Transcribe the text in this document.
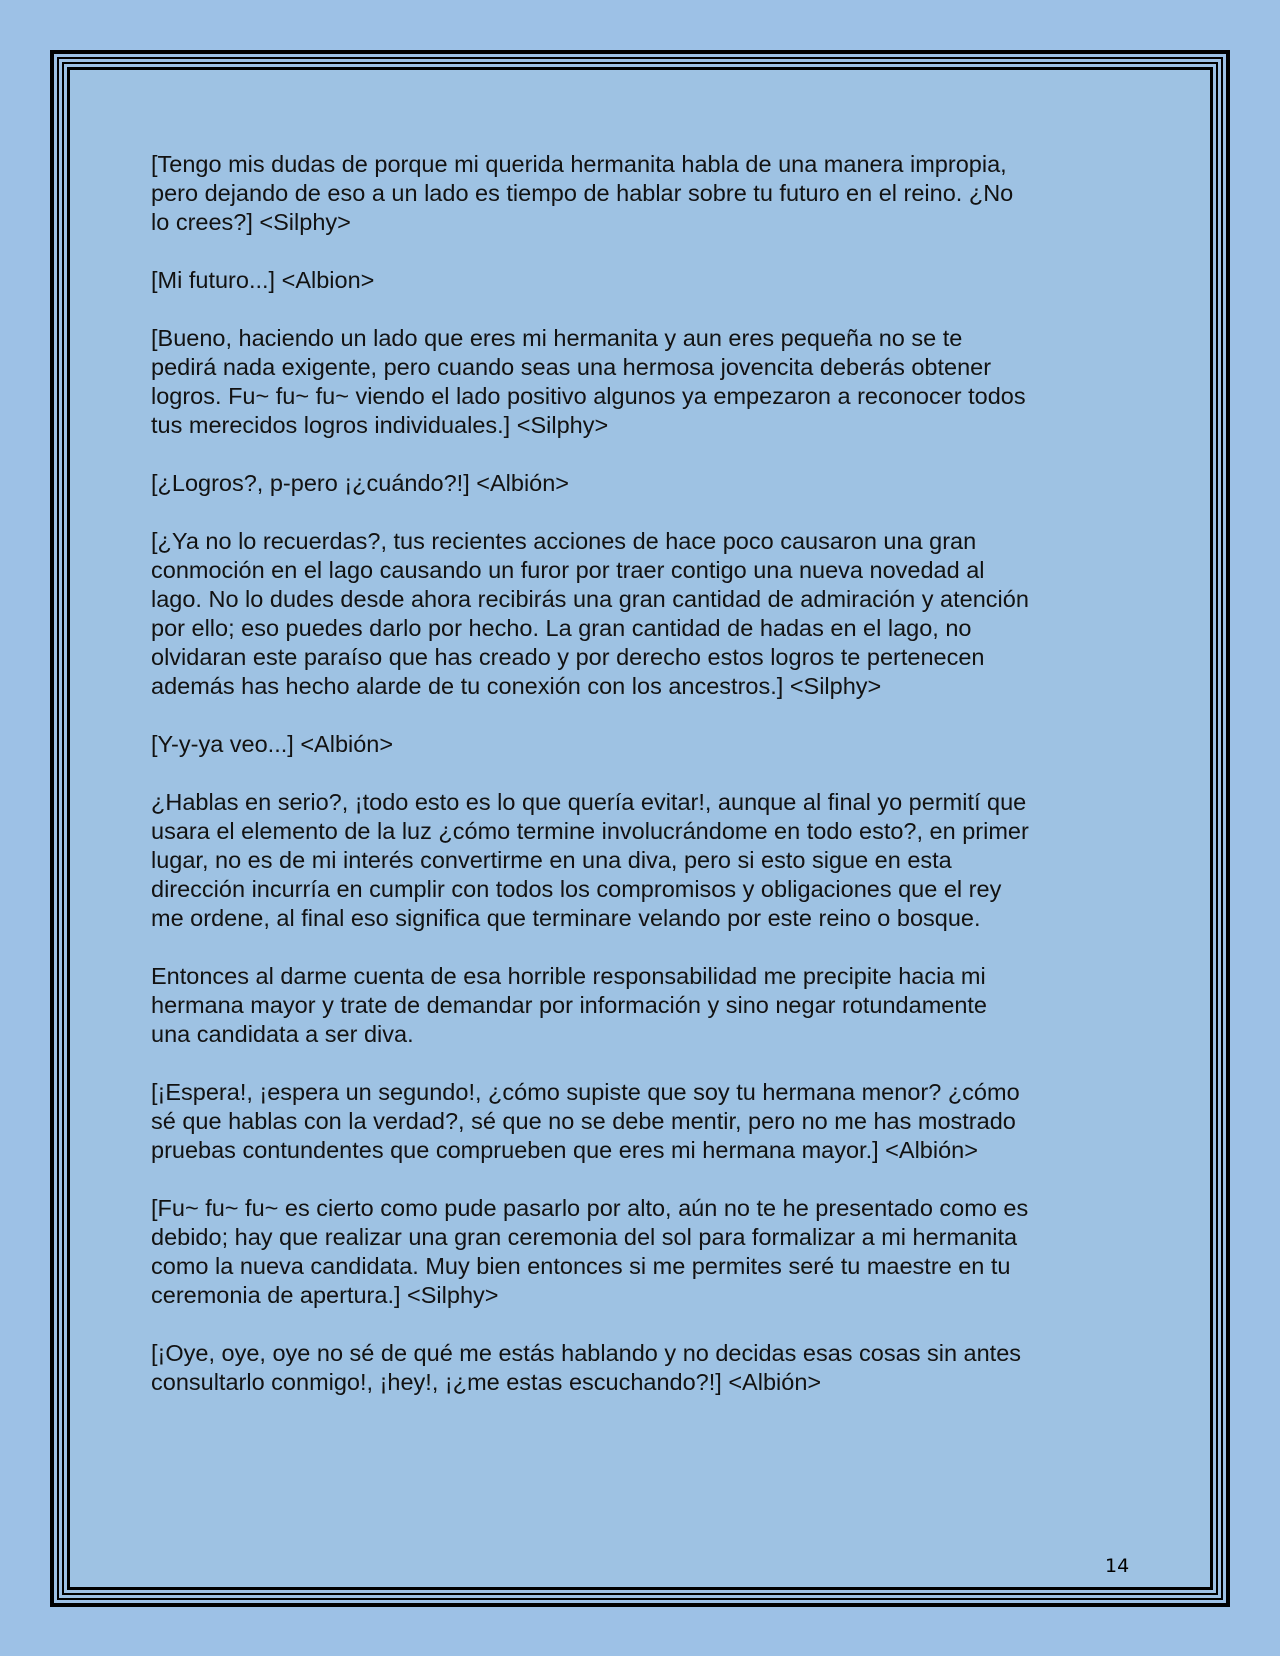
[Tengo mis dudas de porque mi querida hermanita habla de una manera impropia,
pero dejando de eso a un lado es tiempo de hablar sobre tu futuro en el reino. ¿No
lo crees?] <Silphy>

[Mi futuro...] <Albion>

[Bueno, haciendo un lado que eres mi hermanita y aun eres pequeña no se te
pedirá nada exigente, pero cuando seas una hermosa jovencita deberás obtener
logros. Fu~ fu~ fu~ viendo el lado positivo algunos ya empezaron a reconocer todos
tus merecidos logros individuales.] <Silphy>

[¿Logros?, p-pero ¡¿cuándo?!] <Albión>

[¿Ya no lo recuerdas?, tus recientes acciones de hace poco causaron una gran
conmoción en el lago causando un furor por traer contigo una nueva novedad al
lago. No lo dudes desde ahora recibirás una gran cantidad de admiración y atención
por ello; eso puedes darlo por hecho. La gran cantidad de hadas en el lago, no
olvidaran este paraíso que has creado y por derecho estos logros te pertenecen
además has hecho alarde de tu conexión con los ancestros.] <Silphy>

[Y-y-ya veo...] <Albión>

¿Hablas en serio?, ¡todo esto es lo que quería evitar!, aunque al final yo permití que
usara el elemento de la luz ¿cómo termine involucrándome en todo esto?, en primer
lugar, no es de mi interés convertirme en una diva, pero si esto sigue en esta
dirección incurría en cumplir con todos los compromisos y obligaciones que el rey
me ordene, al final eso significa que terminare velando por este reino o bosque.

Entonces al darme cuenta de esa horrible responsabilidad me precipite hacia mi
hermana mayor y trate de demandar por información y sino negar rotundamente
una candidata a ser diva.

[¡Espera!, ¡espera un segundo!, ¿cómo supiste que soy tu hermana menor? ¿cómo
sé que hablas con la verdad?, sé que no se debe mentir, pero no me has mostrado
pruebas contundentes que comprueben que eres mi hermana mayor.] <Albión>

[Fu~ fu~ fu~ es cierto como pude pasarlo por alto, aún no te he presentado como es
debido; hay que realizar una gran ceremonia del sol para formalizar a mi hermanita
como la nueva candidata. Muy bien entonces si me permites seré tu maestre en tu
ceremonia de apertura.] <Silphy>

[¡Oye, oye, oye no sé de qué me estás hablando y no decidas esas cosas sin antes
consultarlo conmigo!, ¡hey!, ¡¿me estas escuchando?!] <Albión>

14
